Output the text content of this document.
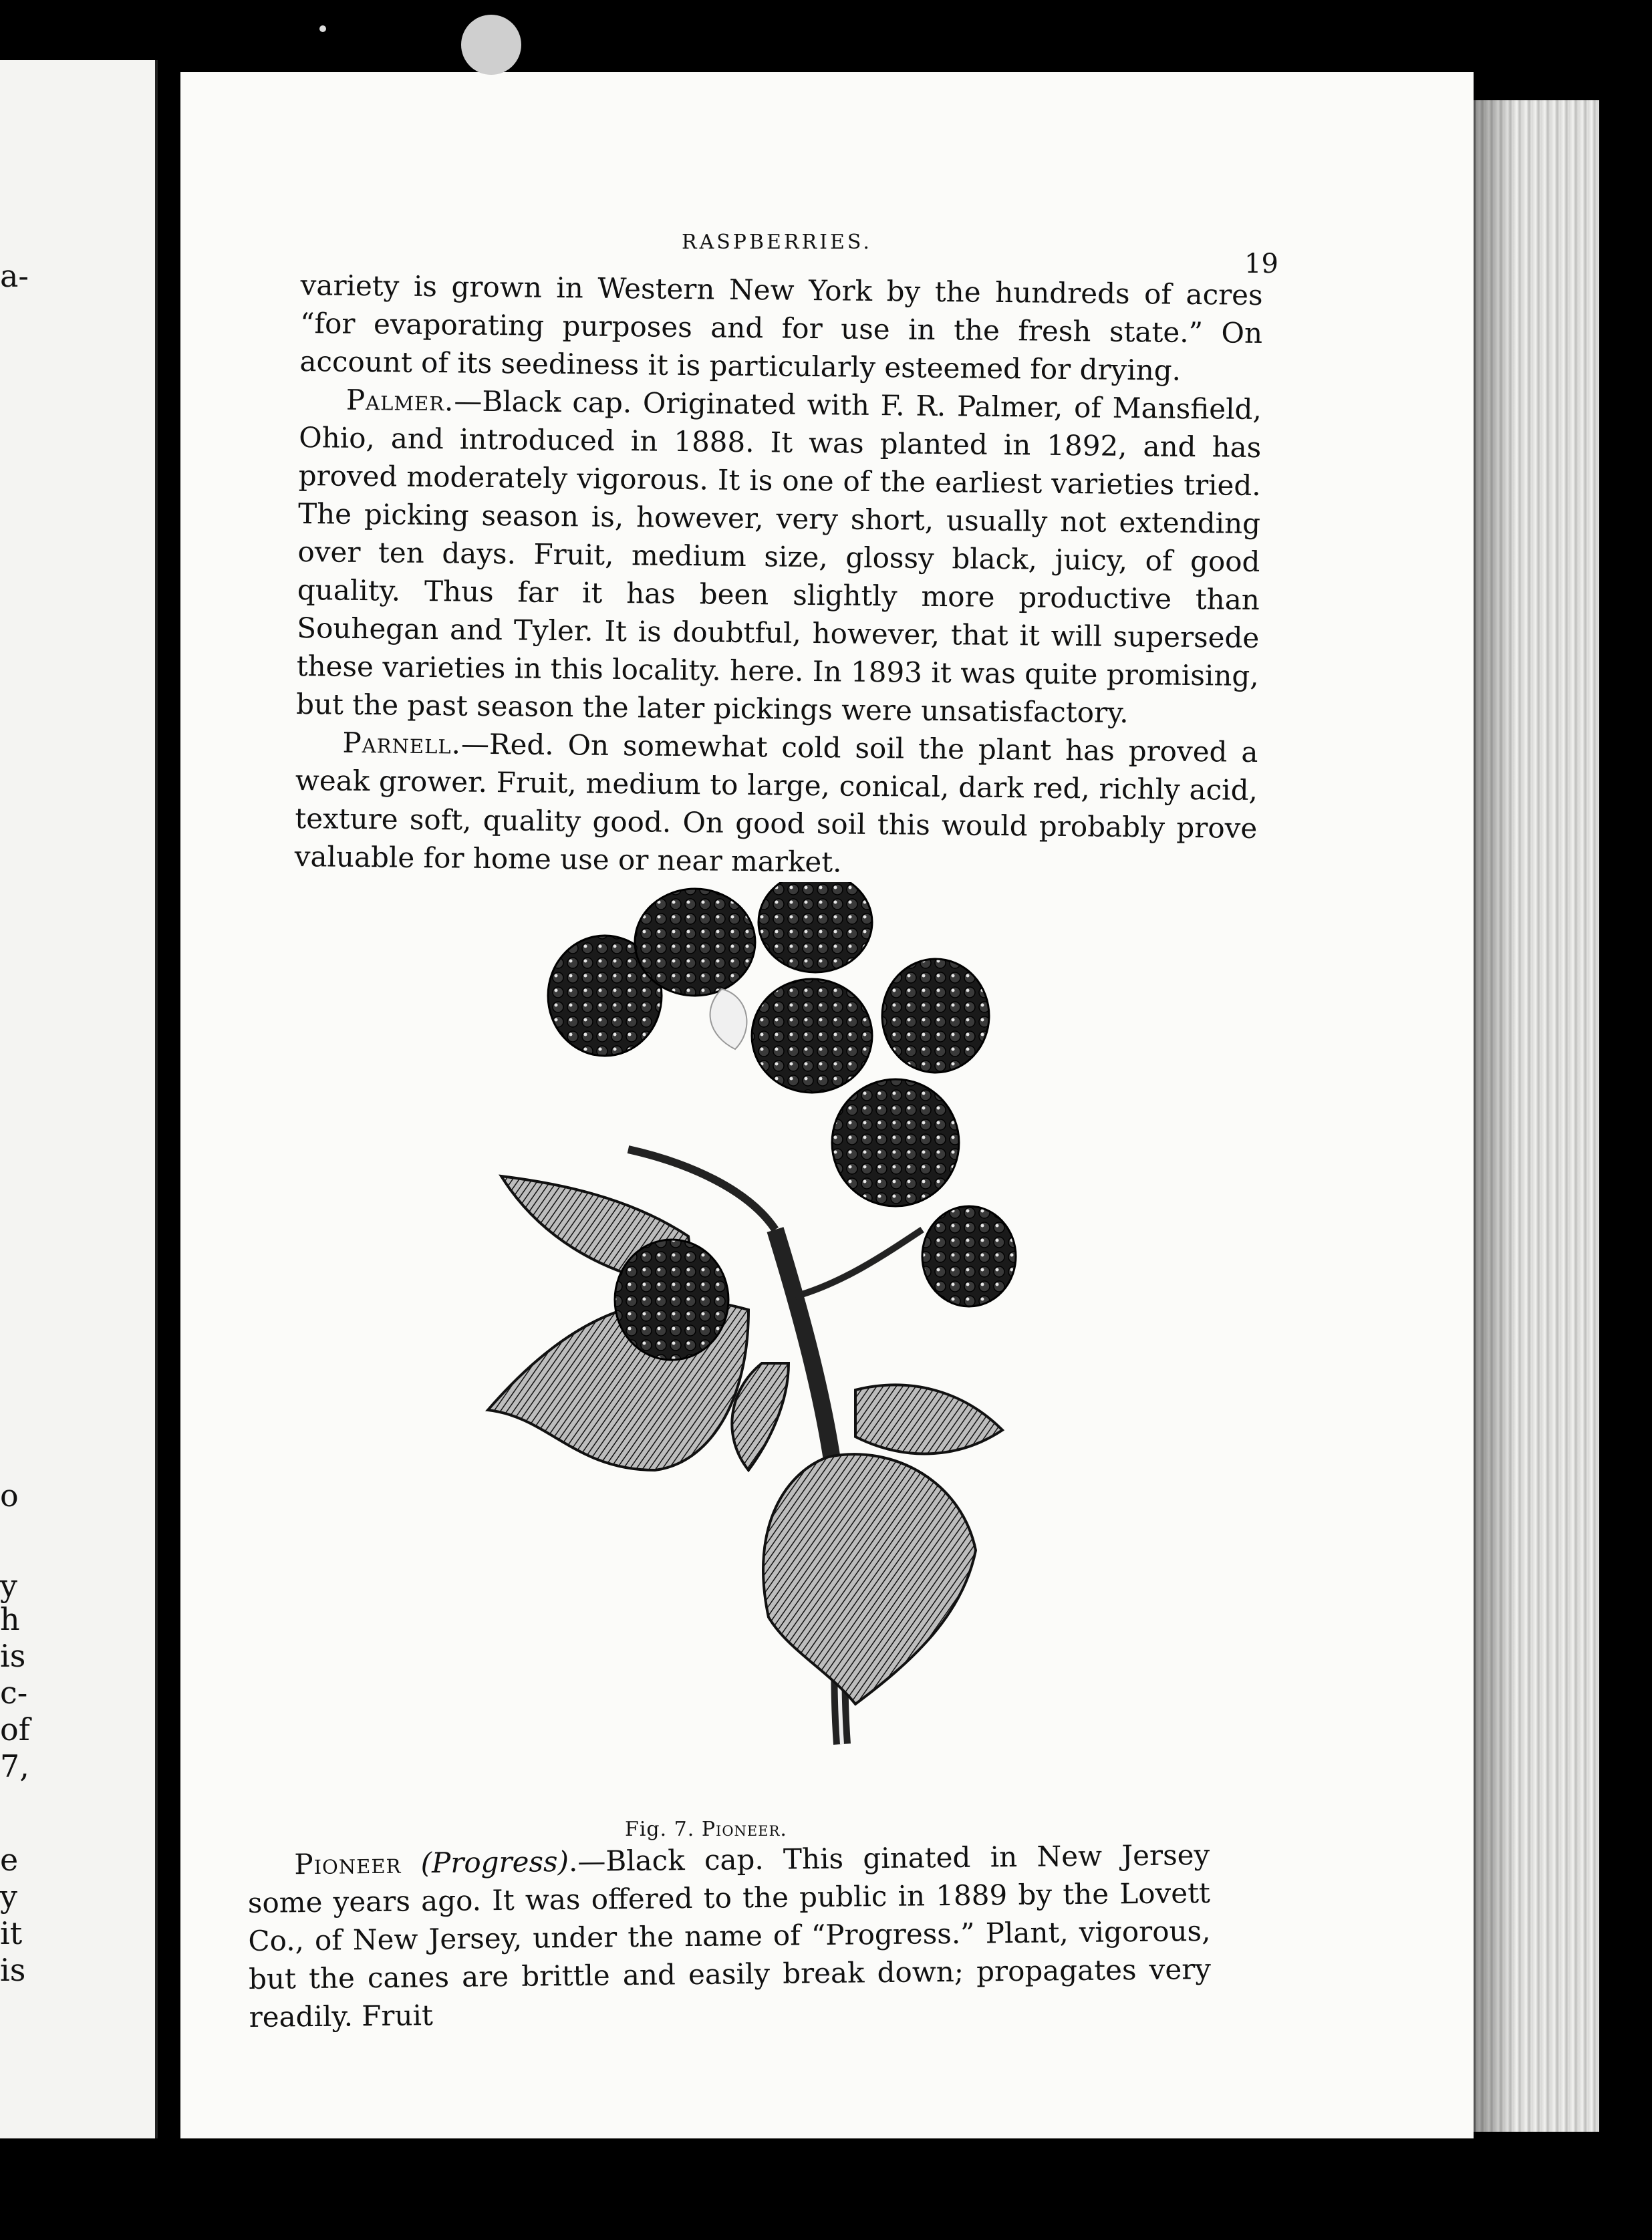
a-
o
y
h
is
c-
of
7,
e
y
it
is
RASPBERRIES.
19

variety is grown in Western New York by the hundreds of acres “for evaporating purposes and for use in the fresh state.” On account of its seediness it is particularly esteemed for drying.

Palmer.—Black cap. Originated with F. R. Palmer, of Mansfield, Ohio, and introduced in 1888. It was planted in 1892, and has proved moderately vigorous. It is one of the earliest varieties tried. The picking season is, however, very short, usually not extending over ten days. Fruit, medium size, glossy black, juicy, of good quality. Thus far it has been slightly more productive than Souhegan and Tyler. It is doubtful, however, that it will supersede these varieties in this locality. here. In 1893 it was quite promising, but the past season the later pickings were unsatisfactory.

Parnell.—Red. On somewhat cold soil the plant has proved a weak grower. Fruit, medium to large, conical, dark red, richly acid, texture soft, quality good. On good soil this would probably prove valuable for home use or near market.

Fig. 7. Pioneer.

Pioneer (Progress).—Black cap. This ginated in New Jersey some years ago. It was offered to the public in 1889 by the Lovett Co., of New Jersey, under the name of “Progress.” Plant, vigorous, but the canes are brittle and easily break down; propagates very readily. Fruit
